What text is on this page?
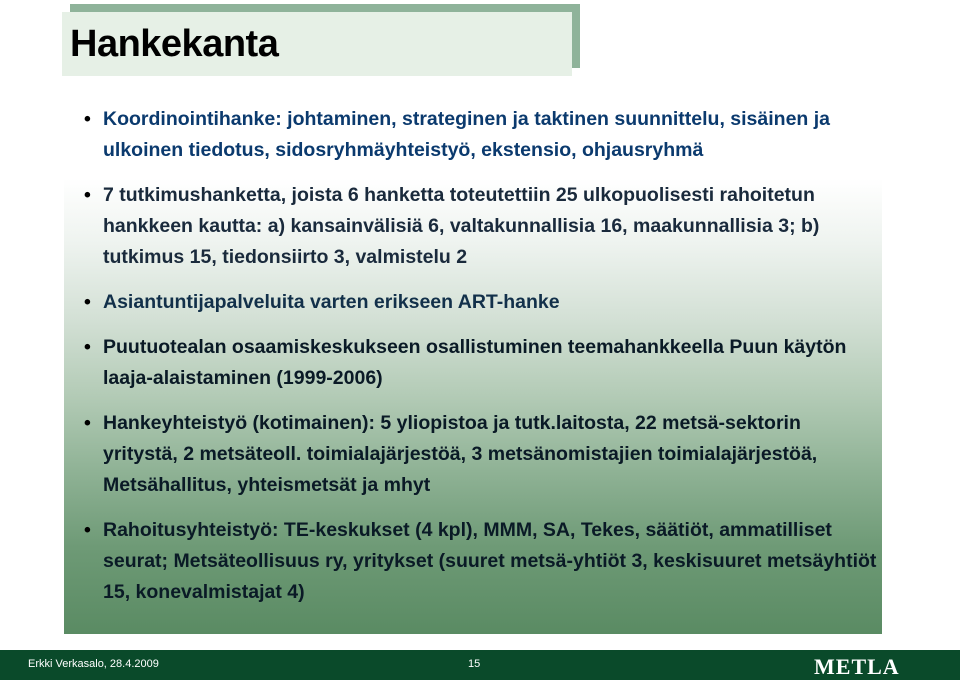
Hankekanta
• Koordinointihanke: johtaminen, strateginen ja taktinen suunnittelu, sisäinen ja ulkoinen tiedotus, sidosryhmäyhteistyö, ekstensio, ohjausryhmä
• 7 tutkimushanketta, joista 6 hanketta toteutettiin 25 ulkopuolisesti rahoitetun hankkeen kautta: a) kansainvälisiä 6, valtakunnallisia 16, maakunnallisia 3; b) tutkimus 15, tiedonsiirto 3, valmistelu 2
• Asiantuntijapalveluita varten erikseen ART-hanke
• Puutuotealan osaamiskeskukseen osallistuminen teemahankkeella Puun käytön laaja-alaistaminen (1999-2006)
• Hankeyhteistyö (kotimainen): 5 yliopistoa ja tutk.laitosta, 22 metsä-sektorin yritystä, 2 metsäteoll. toimialajärjestöä, 3 metsänomistajien toimialajärjestöä, Metsähallitus, yhteismetsät ja mhyt
• Rahoitusyhteistyö: TE-keskukset (4 kpl), MMM, SA, Tekes, säätiöt, ammatilliset seurat; Metsäteollisuus ry, yritykset (suuret metsä-yhtiöt 3, keskisuuret metsäyhtiöt 15, konevalmistajat 4)
Erkki Verkasalo, 28.4.2009	15	METLA
